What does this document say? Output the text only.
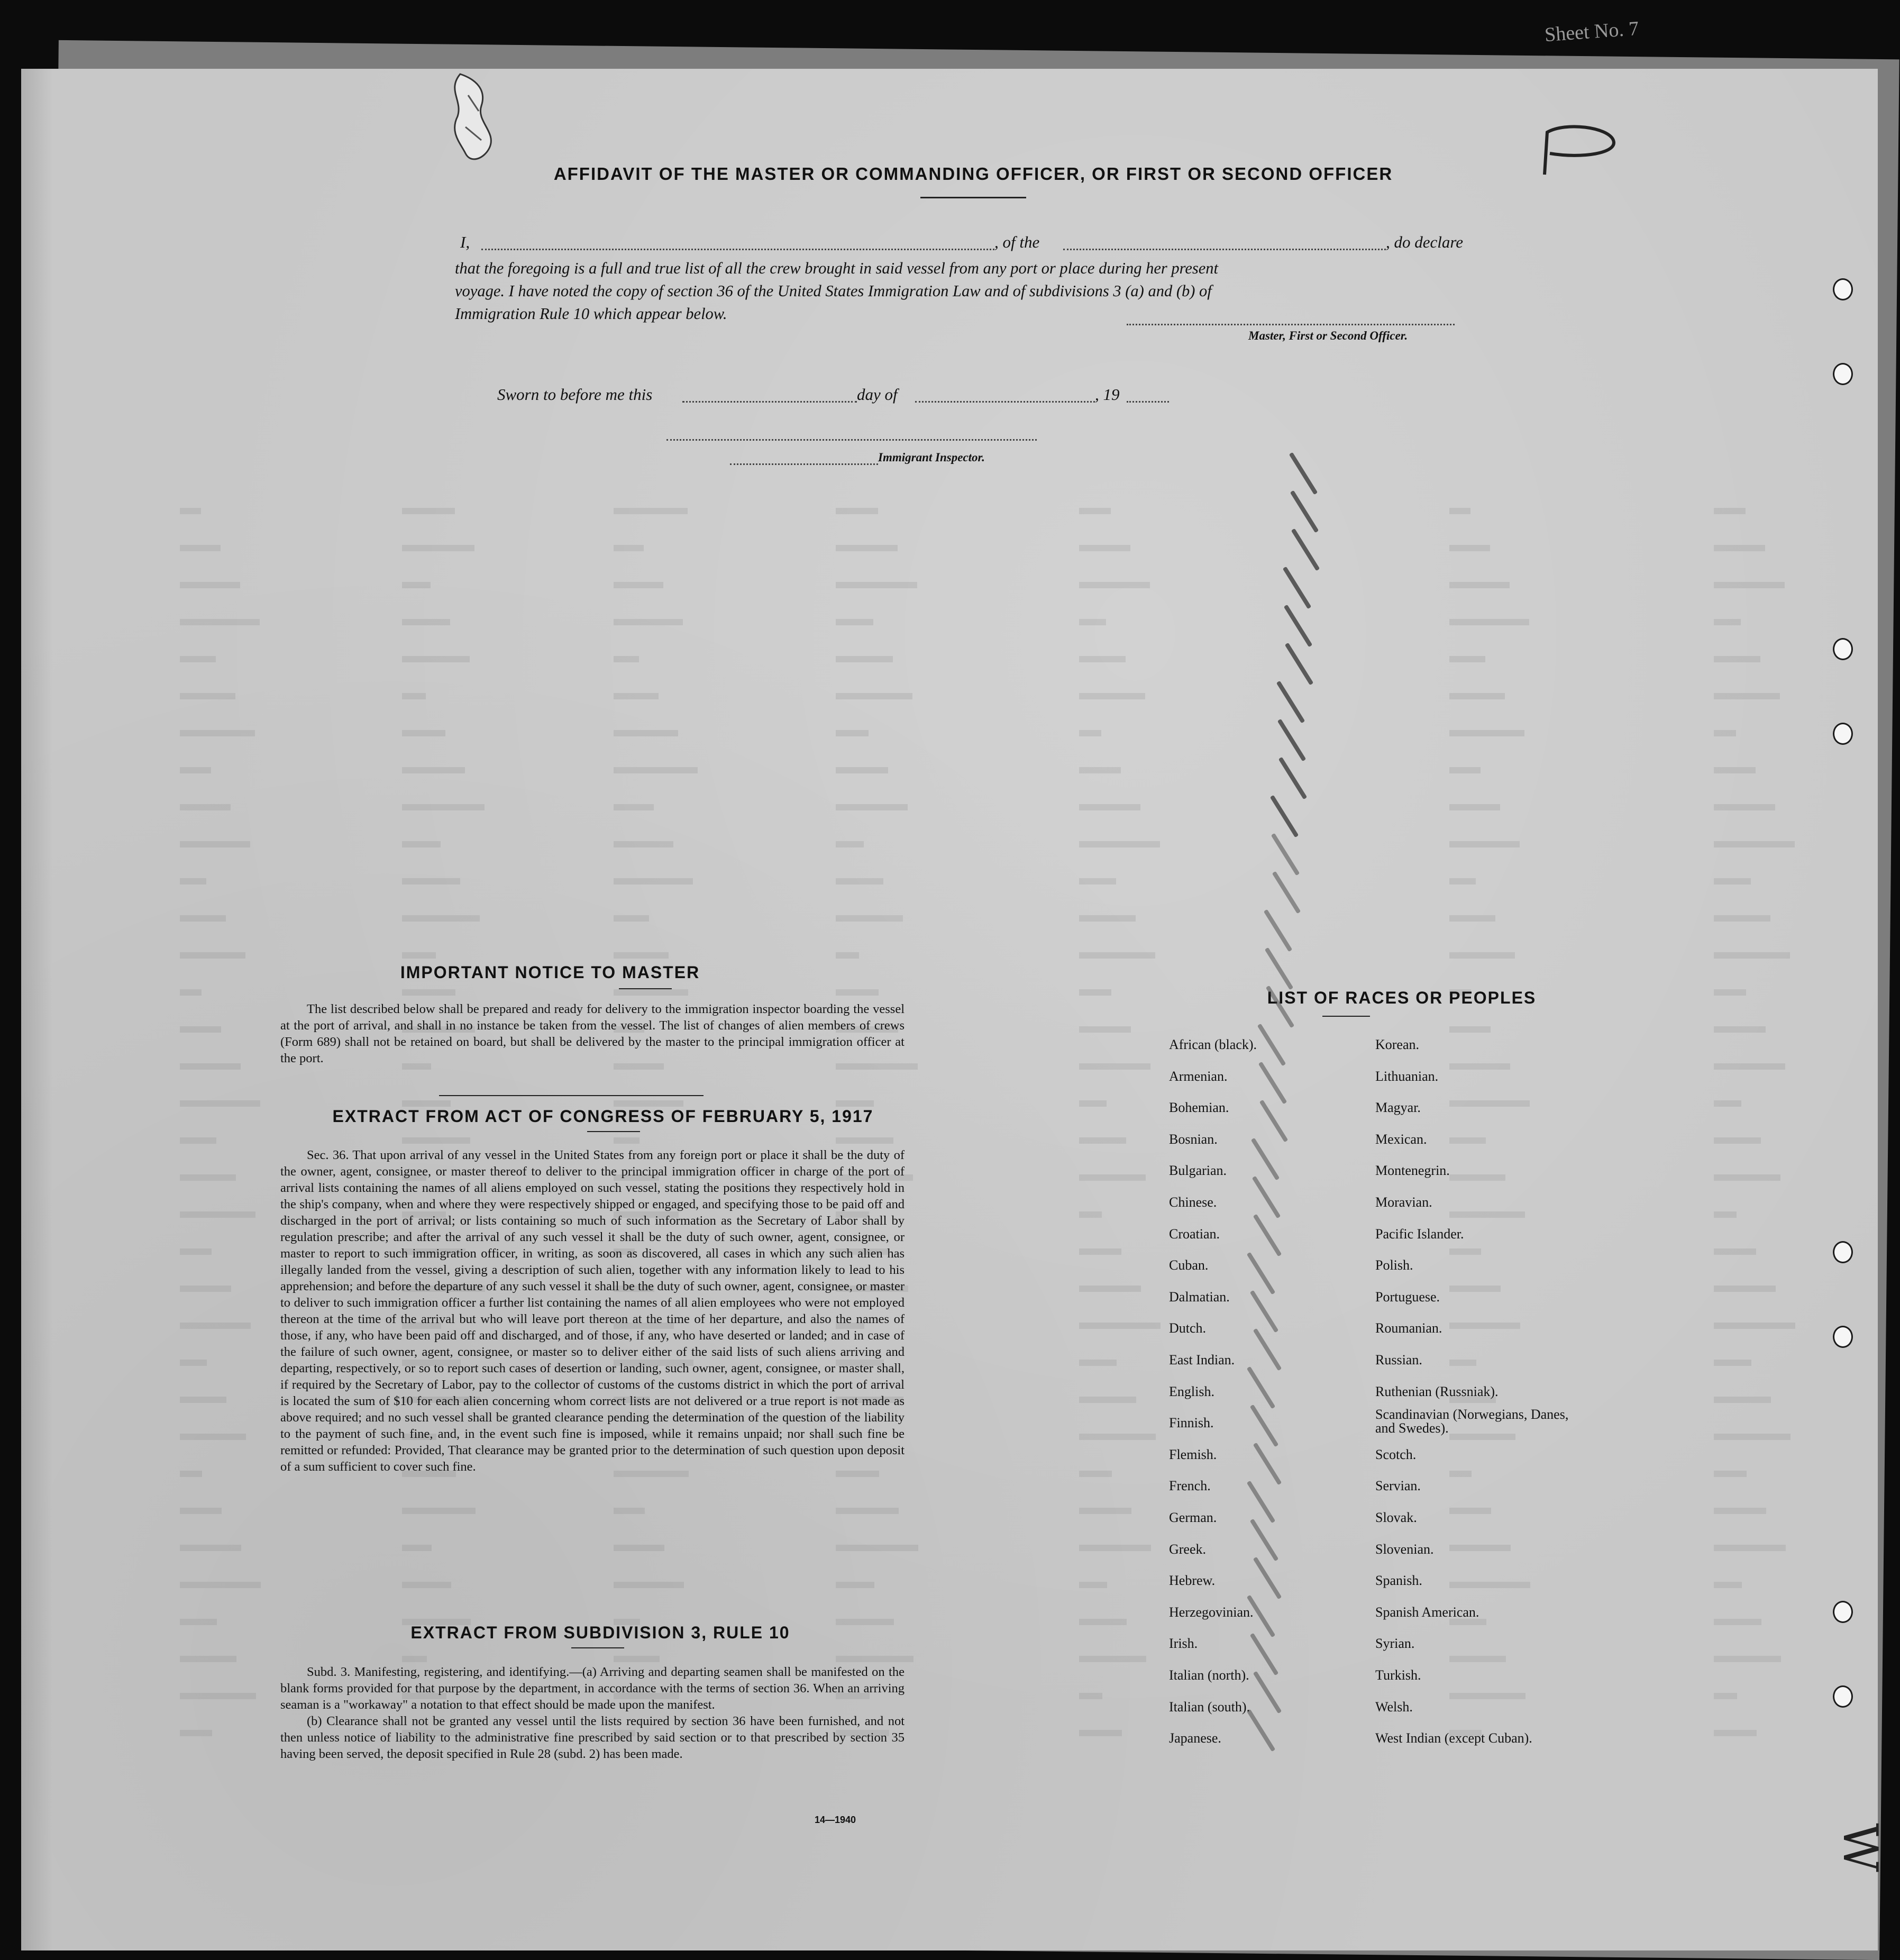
Sheet No. 7
AFFIDAVIT OF THE MASTER OR COMMANDING OFFICER, OR FIRST OR SECOND OFFICER
I,	, of the	, do declare
that the foregoing is a full and true list of all the crew brought in said vessel from any port or place during her present
voyage. I have noted the copy of section 36 of the United States Immigration Law and of subdivisions 3 (a) and (b) of
Immigration Rule 10 which appear below.
Master, First or Second Officer.
Sworn to before me this	day of	, 19
Immigrant Inspector.
IMPORTANT NOTICE TO MASTER

The list described below shall be prepared and ready for delivery to the immigration inspector boarding the vessel at the port of arrival, and shall in no instance be taken from the vessel. The list of changes of alien members of crews (Form 689) shall not be retained on board, but shall be delivered by the master to the principal immigration officer at the port.

EXTRACT FROM ACT OF CONGRESS OF FEBRUARY 5, 1917

Sec. 36. That upon arrival of any vessel in the United States from any foreign port or place it shall be the duty of the owner, agent, consignee, or master thereof to deliver to the principal immigration officer in charge of the port of arrival lists containing the names of all aliens employed on such vessel, stating the positions they respectively hold in the ship's company, when and where they were respectively shipped or engaged, and specifying those to be paid off and discharged in the port of arrival; or lists containing so much of such information as the Secretary of Labor shall by regulation prescribe; and after the arrival of any such vessel it shall be the duty of such owner, agent, consignee, or master to report to such immigration officer, in writing, as soon as discovered, all cases in which any such alien has illegally landed from the vessel, giving a description of such alien, together with any information likely to lead to his apprehension; and before the departure of any such vessel it shall be the duty of such owner, agent, consignee, or master to deliver to such immigration officer a further list containing the names of all alien employees who were not employed thereon at the time of the arrival but who will leave port thereon at the time of her departure, and also the names of those, if any, who have been paid off and discharged, and of those, if any, who have deserted or landed; and in case of the failure of such owner, agent, consignee, or master so to deliver either of the said lists of such aliens arriving and departing, respectively, or so to report such cases of desertion or landing, such owner, agent, consignee, or master shall, if required by the Secretary of Labor, pay to the collector of customs of the customs district in which the port of arrival is located the sum of $10 for each alien concerning whom correct lists are not delivered or a true report is not made as above required; and no such vessel shall be granted clearance pending the determination of the question of the liability to the payment of such fine, and, in the event such fine is imposed, while it remains unpaid; nor shall such fine be remitted or refunded: Provided, That clearance may be granted prior to the determination of such question upon deposit of a sum sufficient to cover such fine.

EXTRACT FROM SUBDIVISION 3, RULE 10

Subd. 3. Manifesting, registering, and identifying.—(a) Arriving and departing seamen shall be manifested on the blank forms provided for that purpose by the department, in accordance with the terms of section 36. When an arriving seaman is a "workaway" a notation to that effect should be made upon the manifest.

(b) Clearance shall not be granted any vessel until the lists required by section 36 have been furnished, and not then unless notice of liability to the administrative fine prescribed by said section or to that prescribed by section 35 having been served, the deposit specified in Rule 28 (subd. 2) has been made.

14—1940
LIST OF RACES OR PEOPLES
African (black).
Armenian.
Bohemian.
Bosnian.
Bulgarian.
Chinese.
Croatian.
Cuban.
Dalmatian.
Dutch.
East Indian.
English.
Finnish.
Flemish.
French.
German.
Greek.
Hebrew.
Herzegovinian.
Irish.
Italian (north).
Italian (south).
Japanese.
Korean.
Lithuanian.
Magyar.
Mexican.
Montenegrin.
Moravian.
Pacific Islander.
Polish.
Portuguese.
Roumanian.
Russian.
Ruthenian (Russniak).
Scandinavian (Norwegians, Danes, and Swedes).
Scotch.
Servian.
Slovak.
Slovenian.
Spanish.
Spanish American.
Syrian.
Turkish.
Welsh.
West Indian (except Cuban).
W
